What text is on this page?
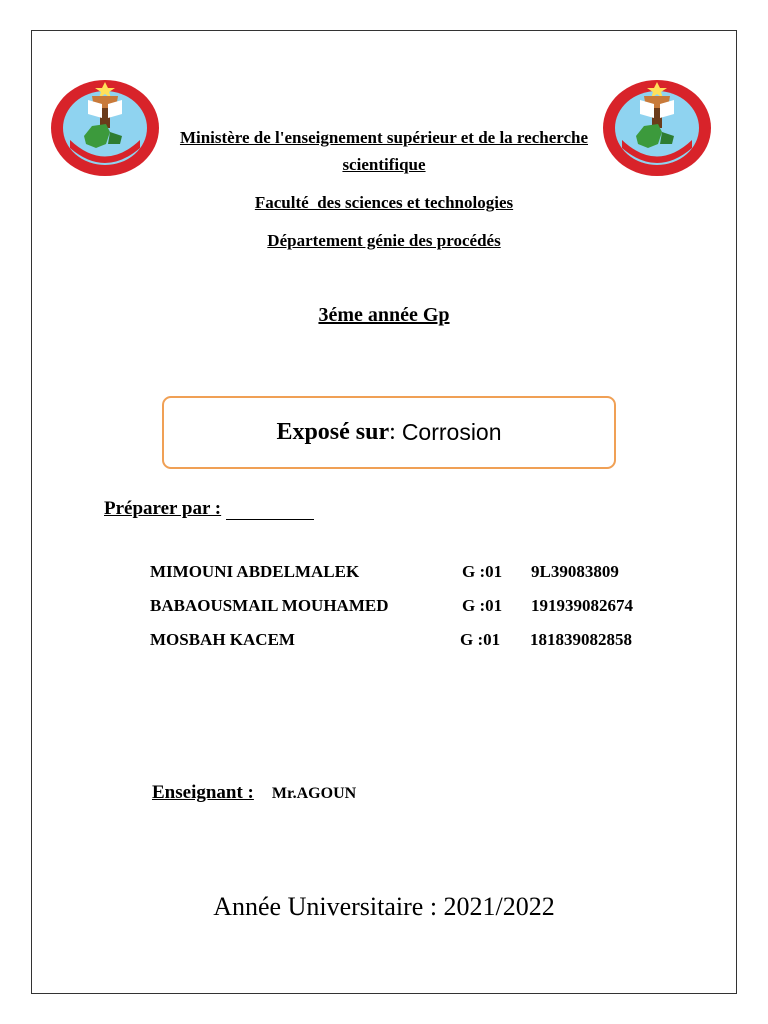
Ministère de l'enseignement supérieur et de la recherche scientifique
Faculté  des sciences et technologies
Département génie des procédés
3éme année Gp
Exposé sur : Corrosion
Préparer par :
MIMOUNI ABDELMALEK	G :01 9L39083809
BABAOUSMAIL MOUHAMED	G :01 191939082674
MOSBAH KACEM	G :01 181839082858
Enseignant : Mr.AGOUN
Année Universitaire : 2021/2022
